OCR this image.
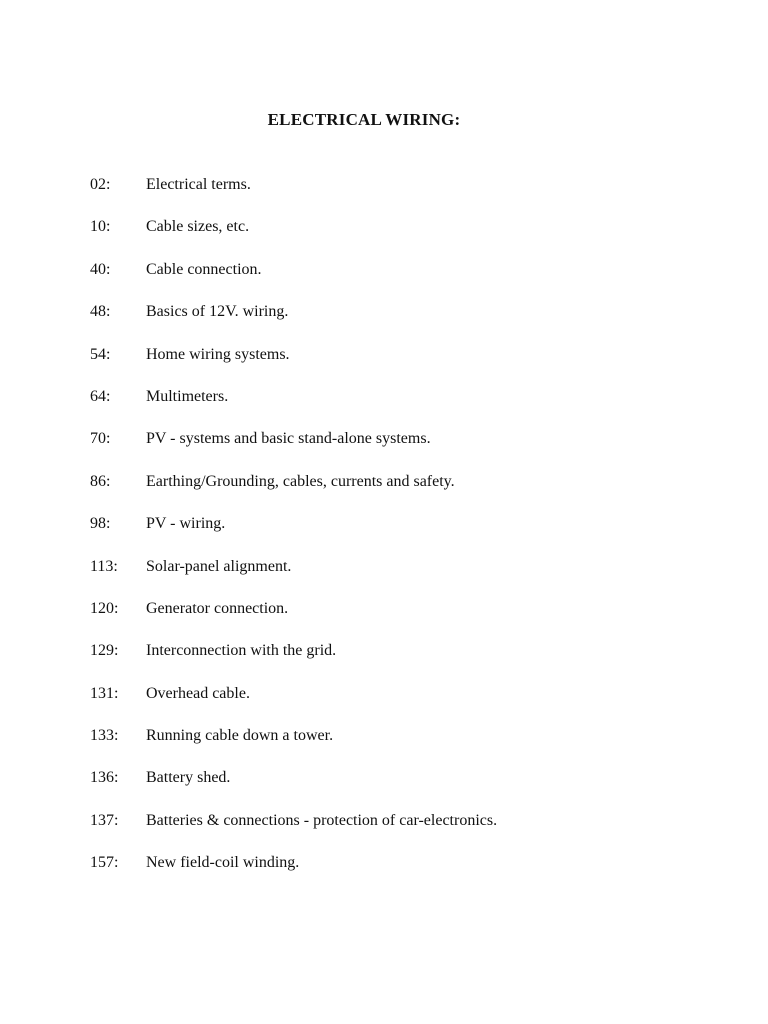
ELECTRICAL WIRING:
02:	Electrical terms.
10:	Cable sizes, etc.
40:	Cable connection.
48:	Basics of 12V. wiring.
54:	Home wiring systems.
64:	Multimeters.
70:	PV - systems and basic stand-alone systems.
86:	Earthing/Grounding, cables, currents and safety.
98:	PV - wiring.
113:	Solar-panel alignment.
120:	Generator connection.
129:	Interconnection with the grid.
131:	Overhead cable.
133:	Running cable down a tower.
136:	Battery shed.
137:	Batteries & connections - protection of car-electronics.
157:	New field-coil winding.
